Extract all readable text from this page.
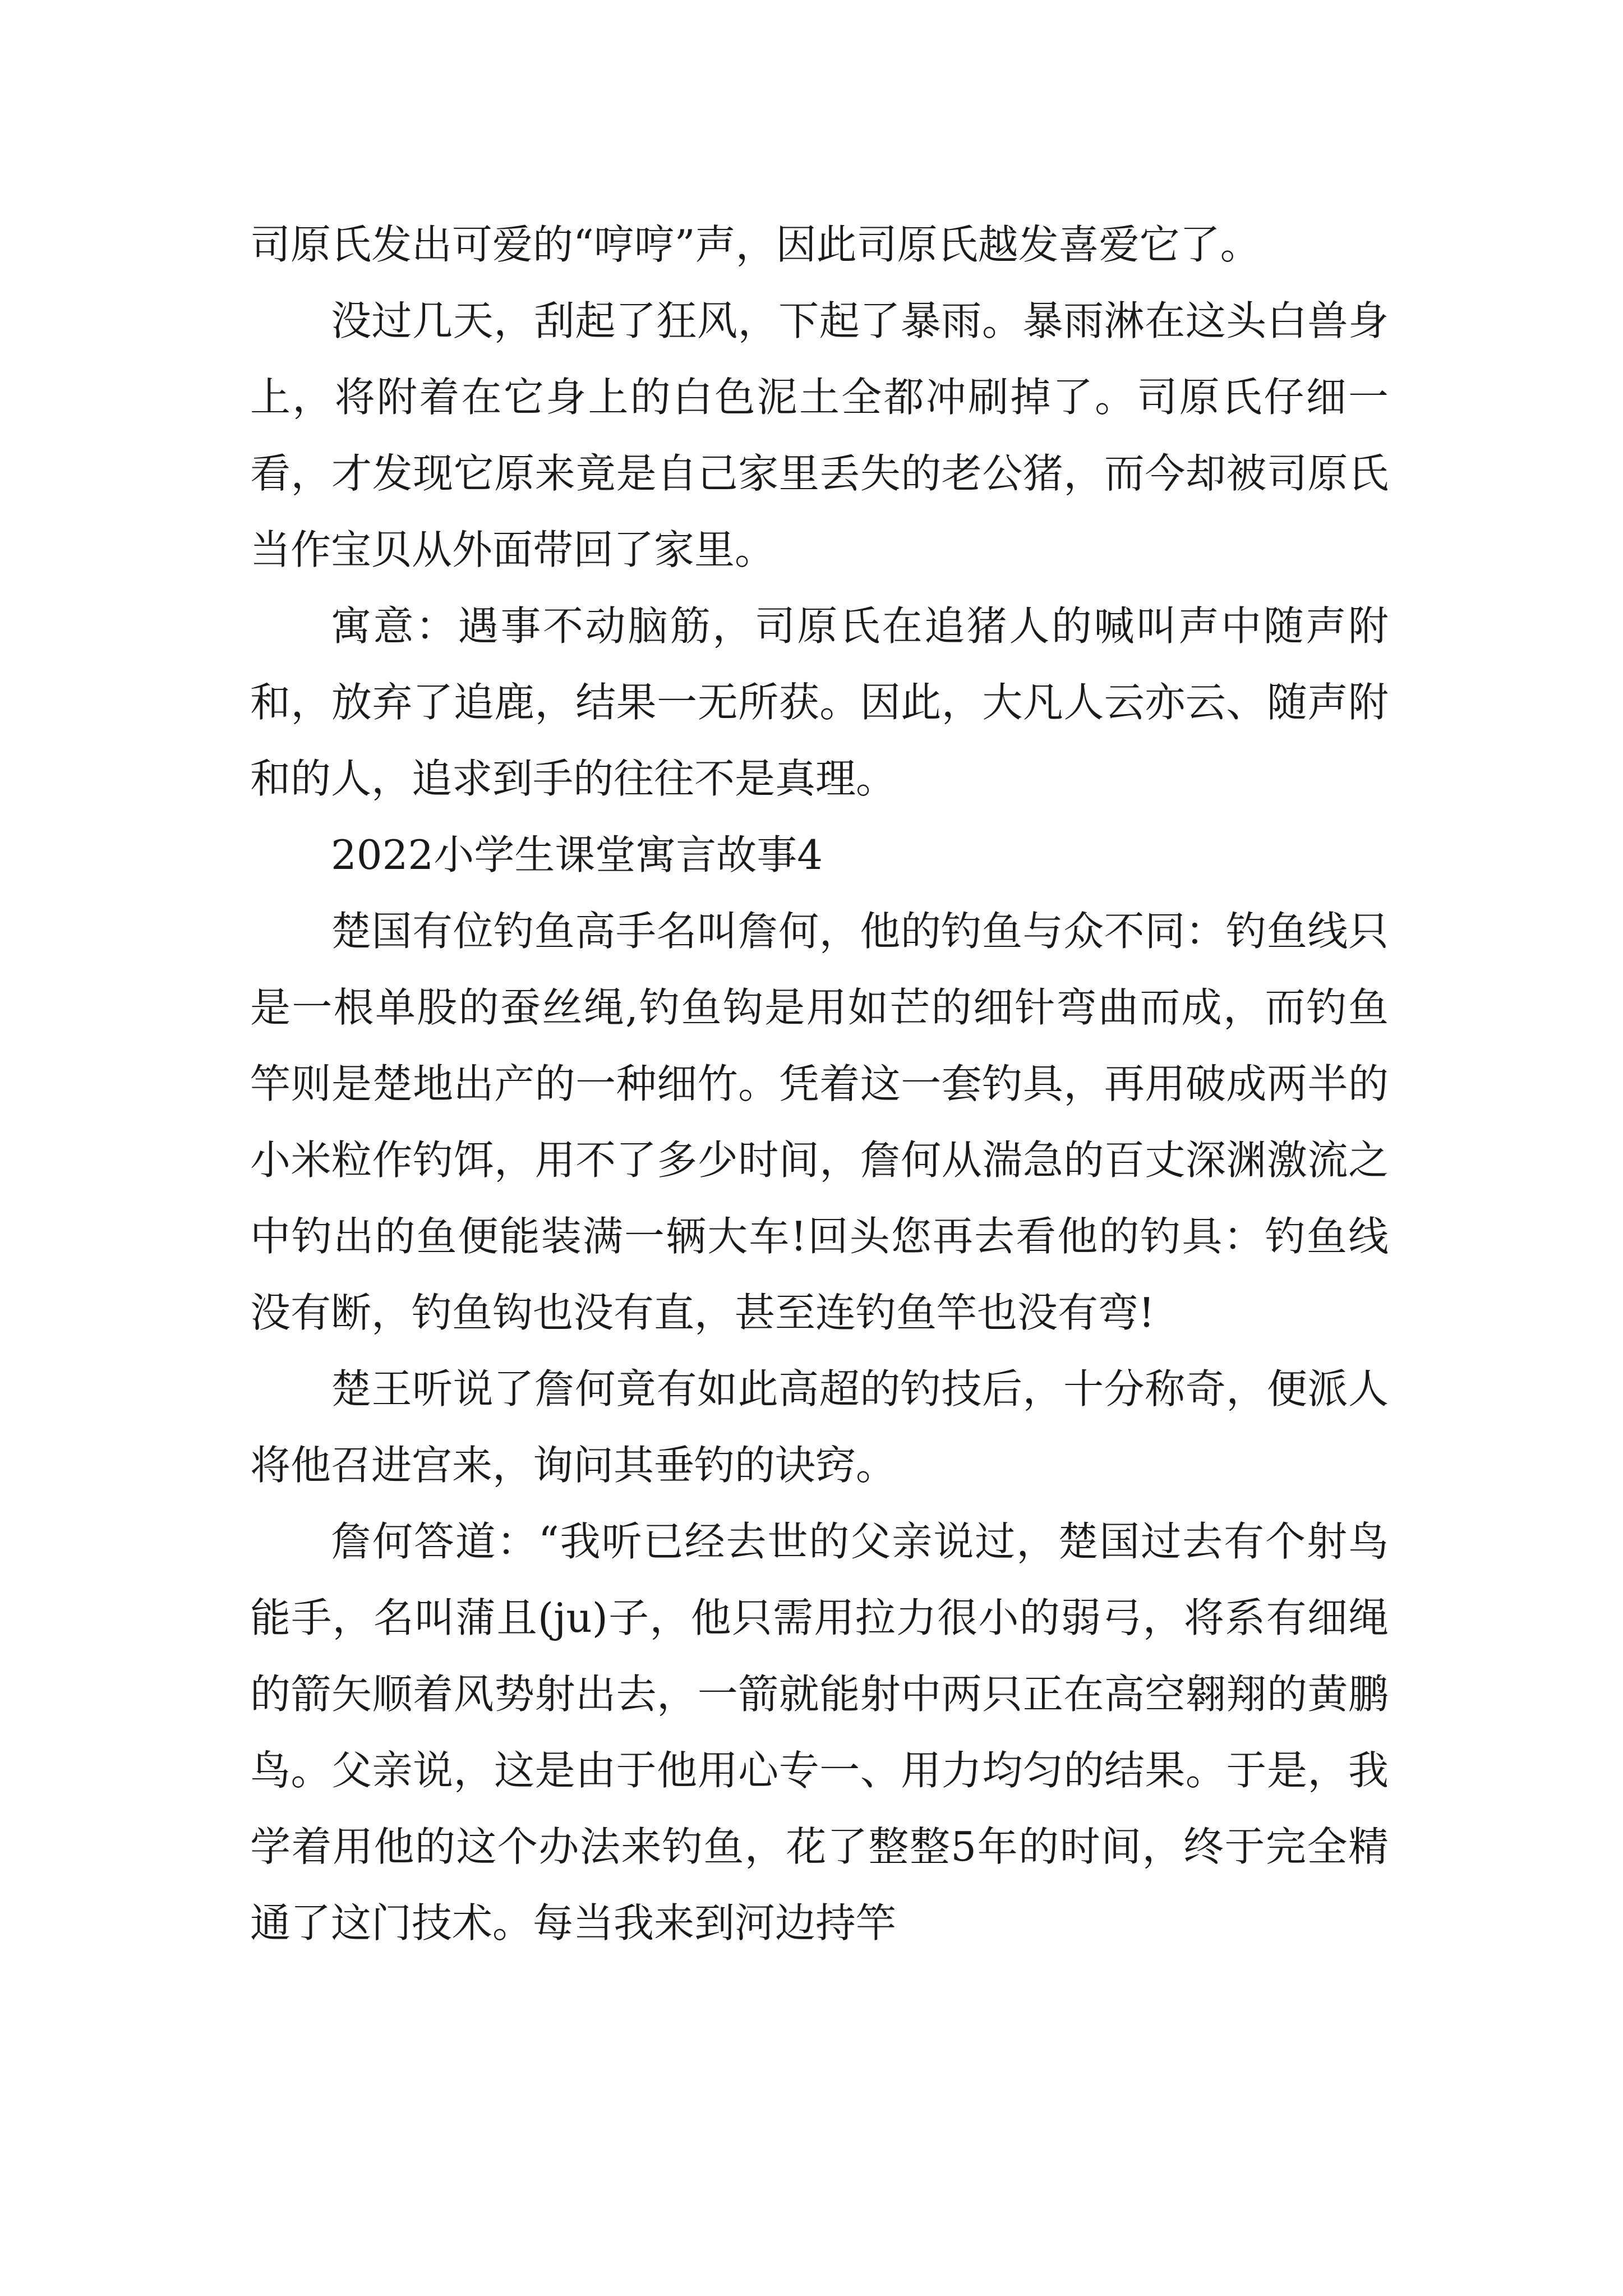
司原氏发出可爱的“哼哼”声，因此司原氏越发喜爱它了。

没过几天，刮起了狂风，下起了暴雨。暴雨淋在这头白兽身上，将附着在它身上的白色泥土全都冲刷掉了。司原氏仔细一看，才发现它原来竟是自己家里丢失的老公猪，而今却被司原氏当作宝贝从外面带回了家里。

寓意：遇事不动脑筋，司原氏在追猪人的喊叫声中随声附和，放弃了追鹿，结果一无所获。因此，大凡人云亦云、随声附和的人，追求到手的往往不是真理。

2022小学生课堂寓言故事4

楚国有位钓鱼高手名叫詹何，他的钓鱼与众不同：钓鱼线只是一根单股的蚕丝绳,钓鱼钩是用如芒的细针弯曲而成，而钓鱼竿则是楚地出产的一种细竹。凭着这一套钓具，再用破成两半的小米粒作钓饵，用不了多少时间，詹何从湍急的百丈深渊激流之中钓出的鱼便能装满一辆大车!回头您再去看他的钓具：钓鱼线没有断，钓鱼钩也没有直，甚至连钓鱼竿也没有弯!

楚王听说了詹何竟有如此高超的钓技后，十分称奇，便派人将他召进宫来，询问其垂钓的诀窍。

詹何答道：“我听已经去世的父亲说过，楚国过去有个射鸟能手，名叫蒲且(ju)子，他只需用拉力很小的弱弓，将系有细绳的箭矢顺着风势射出去，一箭就能射中两只正在高空翱翔的黄鹏鸟。父亲说，这是由于他用心专一、用力均匀的结果。于是，我学着用他的这个办法来钓鱼，花了整整5年的时间，终于完全精通了这门技术。每当我来到河边持竿
